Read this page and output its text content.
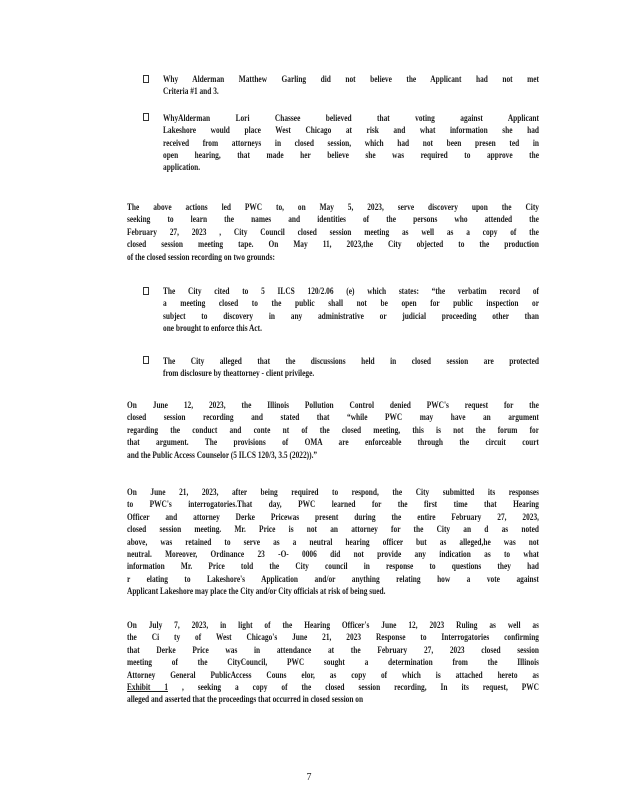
Why Alderman Matthew Garling did not believe the Applicant had not met
Criteria #1 and 3.
WhyAlderman Lori Chassee believed that voting against Applicant
Lakeshore would place West Chicago at risk and what information she had
received from attorneys in closed session, which had not been presen ted in
open hearing, that made her believe she was required to approve the
application.
The above actions led PWC to, on May 5, 2023, serve discovery upon the City
seeking to learn the names and identities of the persons who attended the
February 27, 2023 , City Council closed session meeting as well as a copy of the
closed session meeting tape. On May 11, 2023,the City objected to the production
of the closed session recording on two grounds:
The City cited to 5 ILCS 120/2.06 (e) which states: “the verbatim record of
a meeting closed to the public shall not be open for public inspection or
subject to discovery in any administrative or judicial proceeding other than
one brought to enforce this Act.
The City alleged that the discussions held in closed session are protected
from disclosure by theattorney - client privilege.
On June 12, 2023, the Illinois Pollution Control denied PWC's request for the
closed session recording and stated that “while PWC may have an argument
regarding the conduct and conte nt of the closed meeting, this is not the forum for
that argument. The provisions of OMA are enforceable through the circuit court
and the Public Access Counselor (5 ILCS 120/3, 3.5 (2022)).”
On June 21, 2023, after being required to respond, the City submitted its responses
to PWC's interrogatories.That day, PWC learned for the first time that Hearing
Officer and attorney Derke Pricewas present during the entire February 27, 2023,
closed session meeting. Mr. Price is not an attorney for the City an d as noted
above, was retained to serve as a neutral hearing officer but as alleged,he was not
neutral. Moreover, Ordinance 23 -O- 0006 did not provide any indication as to what
information Mr. Price told the City council in response to questions they had
r elating to Lakeshore's Application and/or anything relating how a vote against
Applicant Lakeshore may place the City and/or City officials at risk of being sued.
On July 7, 2023, in light of the Hearing Officer's June 12, 2023 Ruling as well as
the Ci ty of West Chicago's June 21, 2023 Response to Interrogatories confirming
that Derke Price was in attendance at the February 27, 2023 closed session
meeting of the CityCouncil, PWC sought a determination from the Illinois
Attorney General PublicAccess Couns elor, as copy of which is attached hereto as
Exhibit 1 , seeking a copy of the closed session recording, In its request, PWC
alleged and asserted that the proceedings that occurred in closed session on
7
